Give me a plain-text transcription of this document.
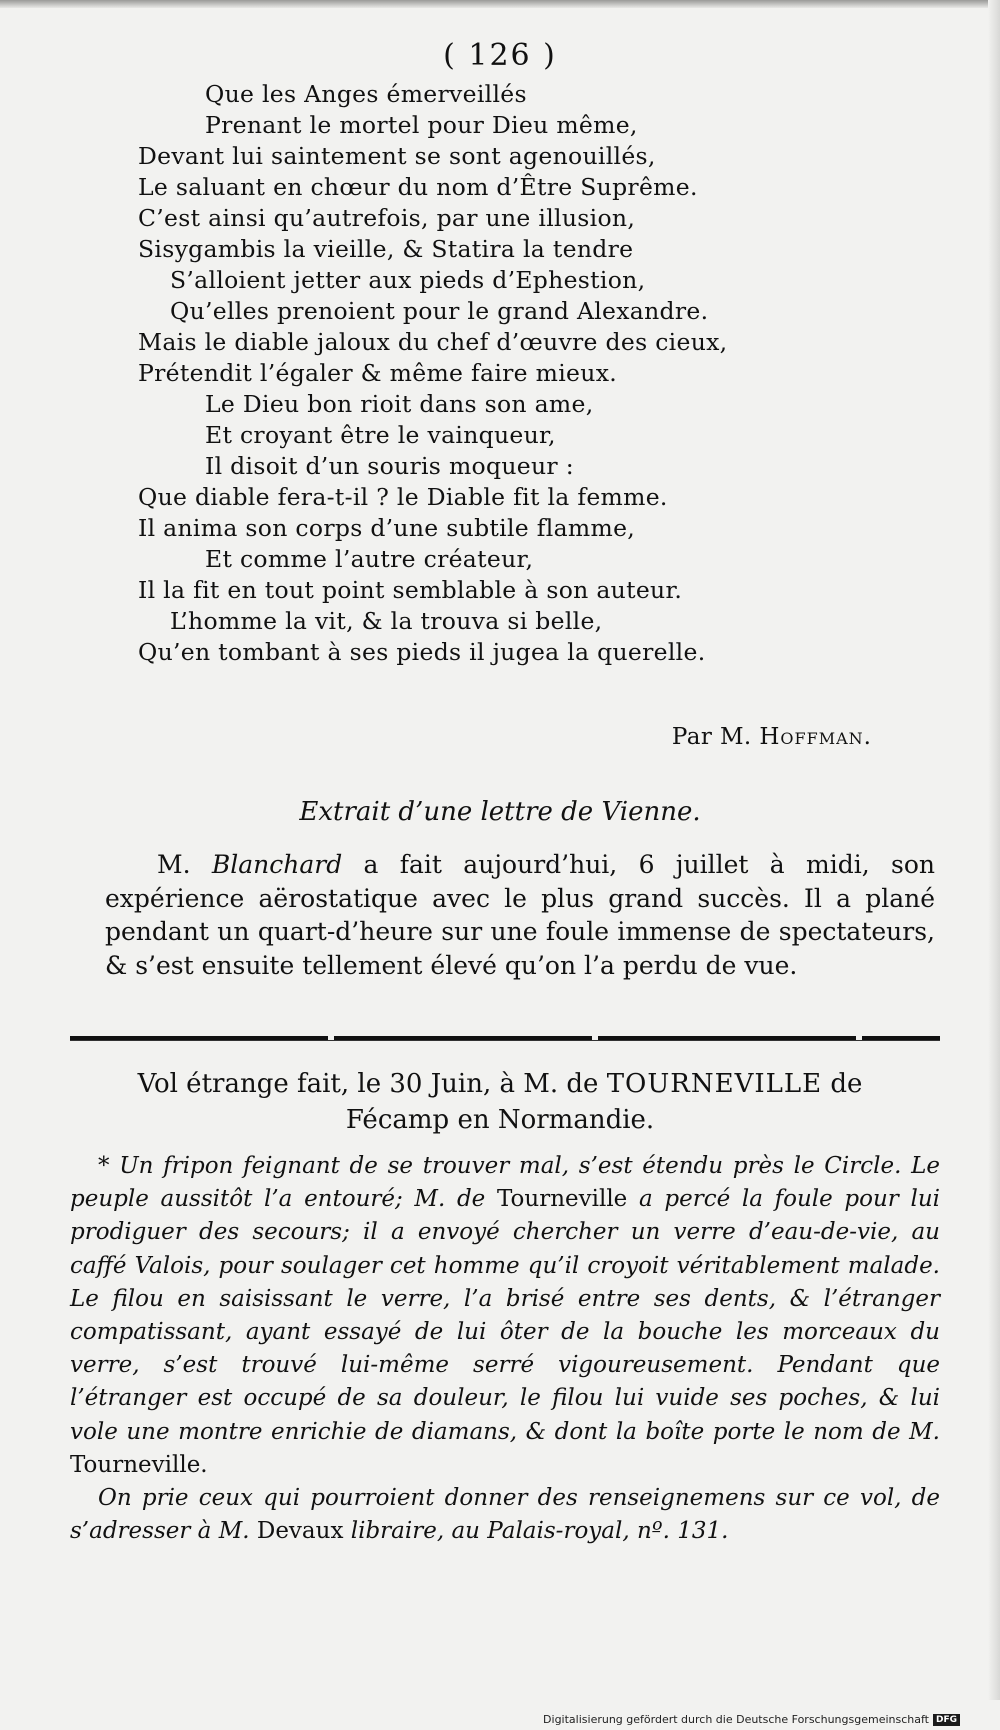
( 126 )
Que les Anges émerveillés
Prenant le mortel pour Dieu même,
Devant lui saintement se sont agenouillés,
Le saluant en chœur du nom d’Être Suprême.
C’est ainsi qu’autrefois, par une illusion,
Sisygambis la vieille, & Statira la tendre
S’alloient jetter aux pieds d’Ephestion,
Qu’elles prenoient pour le grand Alexandre.
Mais le diable jaloux du chef d’œuvre des cieux,
Prétendit l’égaler & même faire mieux.
Le Dieu bon rioit dans son ame,
Et croyant être le vainqueur,
Il disoit d’un souris moqueur :
Que diable fera-t-il ? le Diable fit la femme.
Il anima son corps d’une subtile flamme,
Et comme l’autre créateur,
Il la fit en tout point semblable à son auteur.
L’homme la vit, & la trouva si belle,
Qu’en tombant à ses pieds il jugea la querelle.
Par M. Hoffman.
Extrait d’une lettre de Vienne.
M. Blanchard a fait aujourd’hui, 6 juillet à midi, son expérience aërostatique avec le plus grand succès. Il a plané pendant un quart-d’heure sur une foule immense de spectateurs, & s’est ensuite tellement élevé qu’on l’a perdu de vue.
Vol étrange fait, le 30 Juin, à M. de TOURNEVILLE de
Fécamp en Normandie.

* Un fripon feignant de se trouver mal, s’est étendu près le Circle. Le peuple aussitôt l’a entouré; M. de Tourneville a percé la foule pour lui prodiguer des secours; il a envoyé chercher un verre d’eau-de-vie, au caffé Valois, pour soulager cet homme qu’il croyoit véritablement malade. Le filou en saisissant le verre, l’a brisé entre ses dents, & l’étranger compatissant, ayant essayé de lui ôter de la bouche les morceaux du verre, s’est trouvé lui-même serré vigoureusement. Pendant que l’étranger est occupé de sa douleur, le filou lui vuide ses poches, & lui vole une montre enrichie de diamans, & dont la boîte porte le nom de M. Tourneville.

On prie ceux qui pourroient donner des renseignemens sur ce vol, de s’adresser à M. Devaux libraire, au Palais-royal, nº. 131.

Digitalisierung gefördert durch die Deutsche Forschungsgemeinschaft DFG
